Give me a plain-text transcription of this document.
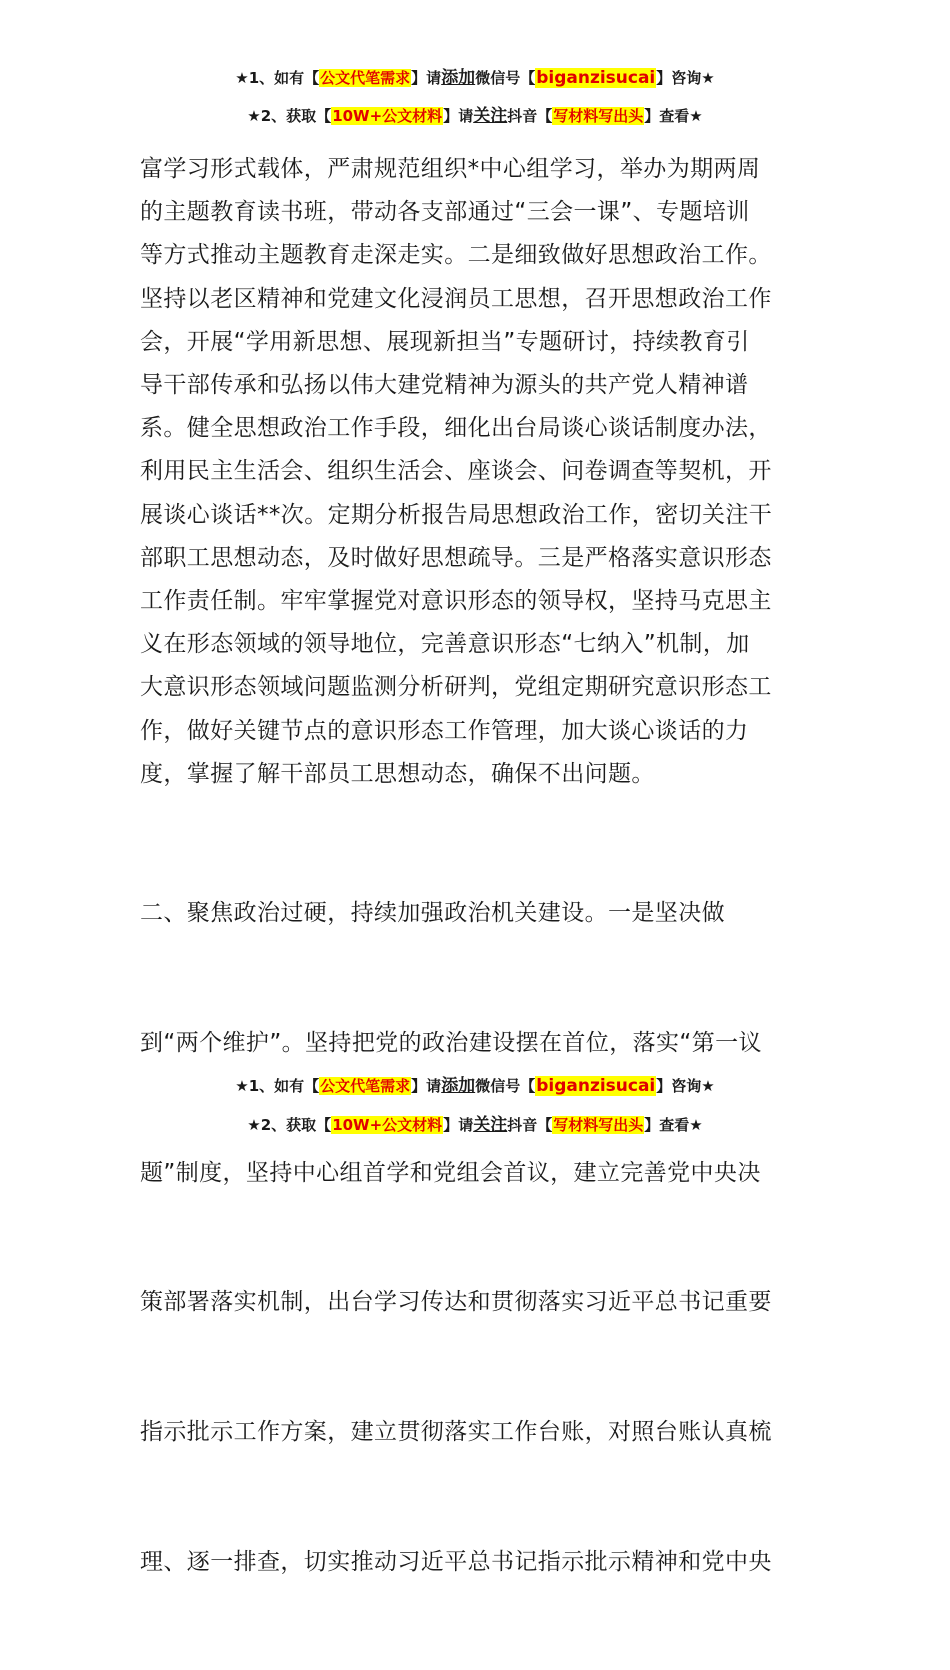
★1、如有【公文代笔需求】请添加微信号【biganzisucai】咨询★
★2、获取【10W+公文材料】请关注抖音【写材料写出头】查看★
富学习形式载体，严肃规范组织*中心组学习，举办为期两周
的主题教育读书班，带动各支部通过“三会一课”、专题培训
等方式推动主题教育走深走实。二是细致做好思想政治工作。
坚持以老区精神和党建文化浸润员工思想，召开思想政治工作
会，开展“学用新思想、展现新担当”专题研讨，持续教育引
导干部传承和弘扬以伟大建党精神为源头的共产党人精神谱
系。健全思想政治工作手段，细化出台局谈心谈话制度办法，
利用民主生活会、组织生活会、座谈会、问卷调查等契机，开
展谈心谈话**次。定期分析报告局思想政治工作，密切关注干
部职工思想动态，及时做好思想疏导。三是严格落实意识形态
工作责任制。牢牢掌握党对意识形态的领导权，坚持马克思主
义在形态领域的领导地位，完善意识形态“七纳入”机制，加
大意识形态领域问题监测分析研判，党组定期研究意识形态工
作，做好关键节点的意识形态工作管理，加大谈心谈话的力
度，掌握了解干部员工思想动态，确保不出问题。

二、聚焦政治过硬，持续加强政治机关建设。一是坚决做

到“两个维护”。坚持把党的政治建设摆在首位，落实“第一议

题”制度，坚持中心组首学和党组会首议，建立完善党中央决

策部署落实机制，出台学习传达和贯彻落实习近平总书记重要

指示批示工作方案，建立贯彻落实工作台账，对照台账认真梳

理、逐一排查，切实推动习近平总书记指示批示精神和党中央

★1、如有【公文代笔需求】请添加微信号【biganzisucai】咨询★
★2、获取【10W+公文材料】请关注抖音【写材料写出头】查看★
